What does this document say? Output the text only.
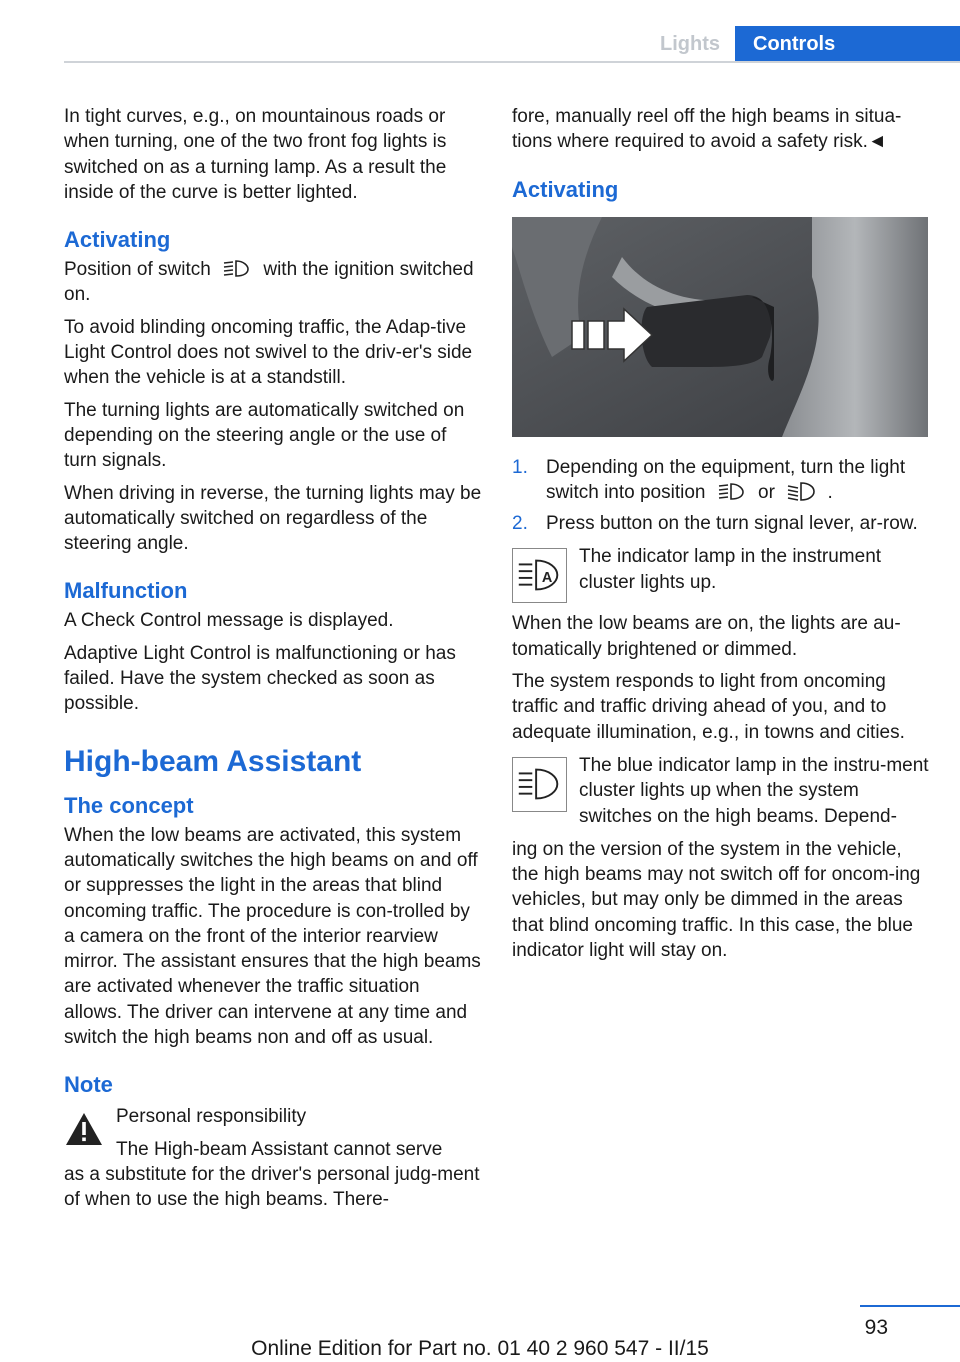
Lights	Controls

In tight curves, e.g., on mountainous roads or when turning, one of the two front fog lights is switched on as a turning lamp. As a result the inside of the curve is better lighted.

Activating

Position of switch	with the ignition switched on.

To avoid blinding oncoming traffic, the Adap‐tive Light Control does not swivel to the driv‐er's side when the vehicle is at a standstill.

The turning lights are automatically switched on depending on the steering angle or the use of turn signals.

When driving in reverse, the turning lights may be automatically switched on regardless of the steering angle.

Malfunction

A Check Control message is displayed.

Adaptive Light Control is malfunctioning or has failed. Have the system checked as soon as possible.

High-beam Assistant
The concept

When the low beams are activated, this system automatically switches the high beams on and off or suppresses the light in the areas that blind oncoming traffic. The procedure is con‐trolled by a camera on the front of the interior rearview mirror. The assistant ensures that the high beams are activated whenever the traffic situation allows. The driver can intervene at any time and switch the high beams non and off as usual.

Note

Personal responsibility

The High-beam Assistant cannot serve

as a substitute for the driver's personal judg‐ment of when to use the high beams. There‐

fore, manually reel off the high beams in situa‐tions where required to avoid a safety risk.◄

Activating
1. Depending on the equipment, turn the light switch into position	or	.
2. Press button on the turn signal lever, ar‐row.
A

The indicator lamp in the instrument cluster lights up.

When the low beams are on, the lights are au‐tomatically brightened or dimmed.

The system responds to light from oncoming traffic and traffic driving ahead of you, and to adequate illumination, e.g., in towns and cities.

The blue indicator lamp in the instru‐ment cluster lights up when the system switches on the high beams. Depend‐

ing on the version of the system in the vehicle, the high beams may not switch off for oncom‐ing vehicles, but may only be dimmed in the areas that blind oncoming traffic. In this case, the blue indicator light will stay on.

93
Online Edition for Part no. 01 40 2 960 547 - II/15
